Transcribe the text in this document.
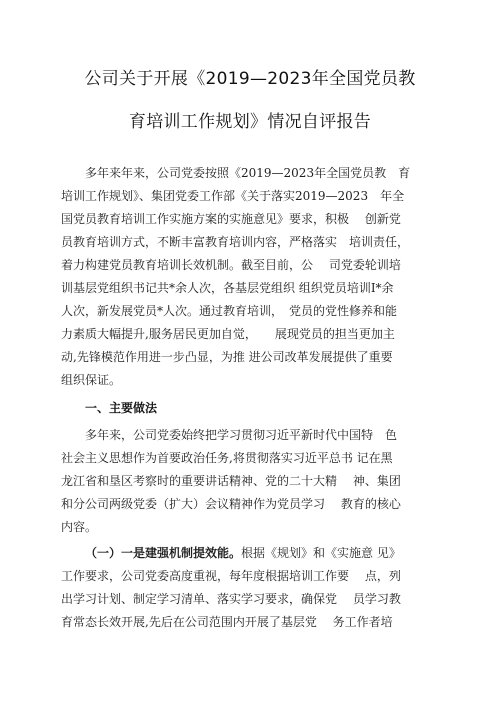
公司关于开展《2019—2023年全国党员教
育培训工作规划》情况自评报告
多年来年来，公司党委按照《2019—2023年全国党员教　育
培训工作规划》、集团党委工作部《关于落实2019—2023　年全
国党员教育培训工作实施方案的实施意见》要求，积极　 创新党
员教育培训方式，不断丰富教育培训内容，严格落实　培训责任，
着力构建党员教育培训长效机制。截至目前，公　 司党委轮训培
训基层党组织书记共*余人次，各基层党组织 组织党员培训I*余
人次，新发展党员*人次。通过教育培训，　党员的党性修养和能
力素质大幅提升,服务居民更加自觉，　　展现党员的担当更加主
动,先锋模范作用进一步凸显，为推 进公司改革发展提供了重要
组织保证。
一、主要做法
多年来，公司党委始终把学习贯彻习近平新时代中国特　色
社会主义思想作为首要政治任务,将贯彻落实习近平总书 记在黑
龙江省和垦区考察时的重要讲话精神、党的二十大精　 神、集团
和分公司两级党委（扩大）会议精神作为党员学习　 教育的核心
内容。
（一）一是建强机制提效能。根据《规划》和《实施意 见》
工作要求，公司党委高度重视，每年度根据培训工作要　 点，列
出学习计划、制定学习清单、落实学习要求，确保党　 员学习教
育常态长效开展,先后在公司范围内开展了基层党　 务工作者培
